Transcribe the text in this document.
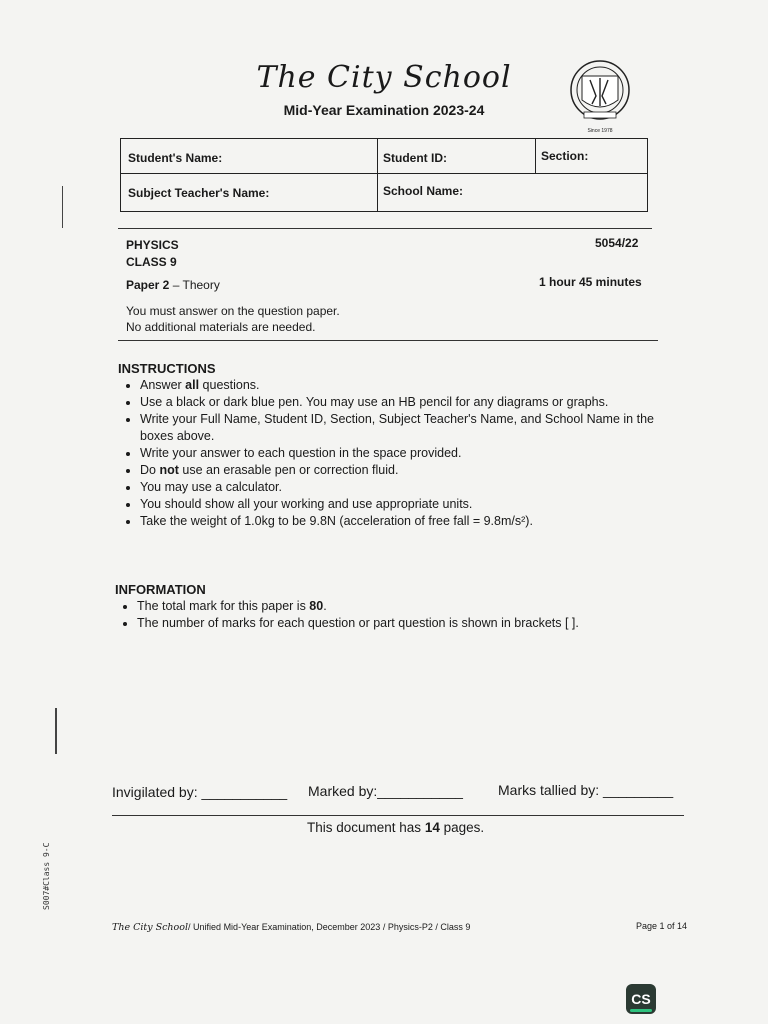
The City School
Mid-Year Examination 2023-24
Since 1978
Student's Name:	Student ID:	Section:
Subject Teacher's Name:	School Name:
PHYSICS
CLASS 9
5054/22
Paper 2 – Theory	1 hour 45 minutes
You must answer on the question paper.
No additional materials are needed.
INSTRUCTIONS
• Answer all questions.
• Use a black or dark blue pen. You may use an HB pencil for any diagrams or graphs.
• Write your Full Name, Student ID, Section, Subject Teacher's Name, and School Name in the boxes above.
• Write your answer to each question in the space provided.
• Do not use an erasable pen or correction fluid.
• You may use a calculator.
• You should show all your working and use appropriate units.
• Take the weight of 1.0kg to be 9.8N (acceleration of free fall = 9.8m/s²).
INFORMATION
• The total mark for this paper is 80.
• The number of marks for each question or part question is shown in brackets [ ].
Invigilated by: ___________ Marked by:___________	Marks tallied by: _________
This document has 14 pages.
S007#Class 9-C
The City School/ Unified Mid-Year Examination, December 2023 / Physics-P2 / Class 9	Page 1 of 14
CS
